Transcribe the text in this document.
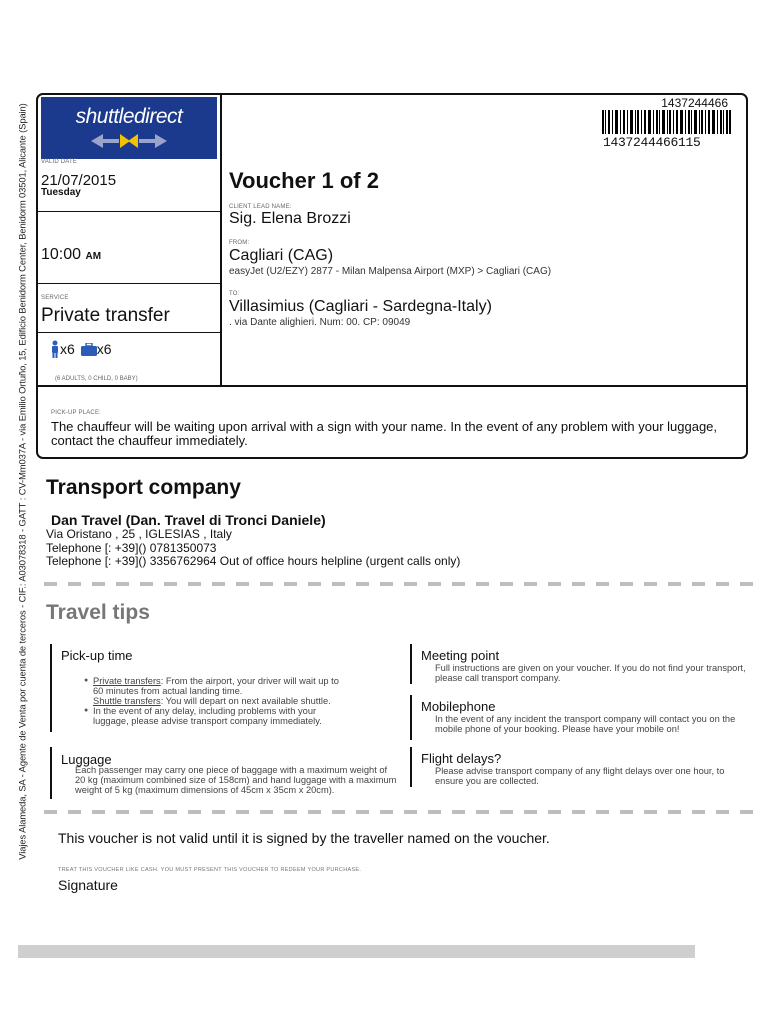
Viajes Alameda, SA - Agente de Venta por cuenta de terceros - CIF.: A03078318 - GATT : CV-Mm037A - via Emilio Ortuño, 15, Edificio Benidorm Center, Benidorm 03501, Alicante (Spain)	shuttledirect
VALID DATE
21/07/2015
Tuesday
10:00 AM
SERVICE
Private transfer
x6 x6
(6 ADULTS, 0 CHILD, 0 BABY)
Voucher 1 of 2
CLIENT LEAD NAME:
Sig. Elena Brozzi
FROM:
Cagliari (CAG)
easyJet (U2/EZY) 2877 - Milan Malpensa Airport (MXP) > Cagliari (CAG)
TO:
Villasimius (Cagliari - Sardegna-Italy)
. via Dante alighieri. Num: 00. CP: 09049
1437244466
1437244466115
PICK-UP PLACE:
The chauffeur will be waiting upon arrival with a sign with your name. In the event of any problem with your luggage, contact the chauffeur immediately.
Transport company
Dan Travel (Dan. Travel di Tronci Daniele)
Via Oristano , 25 , IGLESIAS , Italy
Telephone [: +39]() 0781350073
Telephone [: +39]() 3356762964 Out of office hours helpline (urgent calls only)
Travel tips
Pick-up time
● Private transfers: From the airport, your driver will wait up to 60 minutes from actual landing time.
Shuttle transfers: You will depart on next available shuttle.
● In the event of any delay, including problems with your luggage, please advise transport company immediately.
Luggage
Each passenger may carry one piece of baggage with a maximum weight of 20 kg (maximum combined size of 158cm) and hand luggage with a maximum weight of 5 kg (maximum dimensions of 45cm x 35cm x 20cm).
Meeting point
Full instructions are given on your voucher. If you do not find your transport, please call transport company.
Mobilephone
In the event of any incident the transport company will contact you on the mobile phone of your booking. Please have your mobile on!
Flight delays?
Please advise transport company of any flight delays over one hour, to ensure you are collected.
This voucher is not valid until it is signed by the traveller named on the voucher.
TREAT THIS VOUCHER LIKE CASH. YOU MUST PRESENT THIS VOUCHER TO REDEEM YOUR PURCHASE.
Signature
